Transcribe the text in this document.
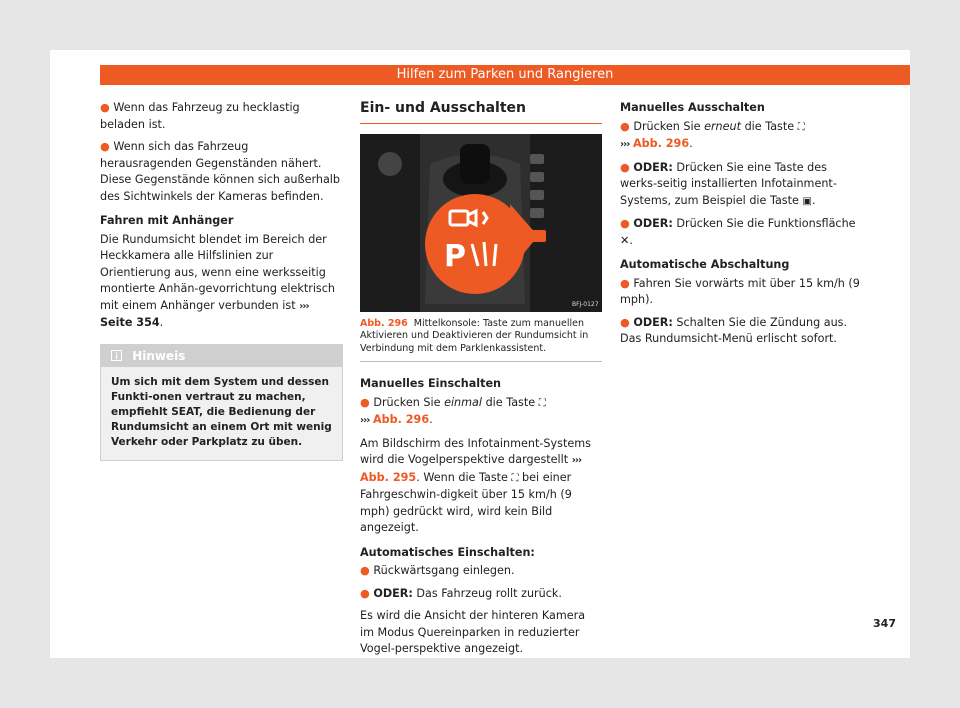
Hilfen zum Parken und Rangieren

● Wenn das Fahrzeug zu hecklastig beladen ist.

● Wenn sich das Fahrzeug herausragenden Gegenständen nähert. Diese Gegenstände können sich außerhalb des Sichtwinkels der Kameras befinden.

Fahren mit Anhänger

Die Rundumsicht blendet im Bereich der Heckkamera alle Hilfslinien zur Orientierung aus, wenn eine werksseitig montierte Anhän-gevorrichtung elektrisch mit einem Anhänger verbunden ist ››› Seite 354.

Hinweis
Um sich mit dem System und dessen Funkti-onen vertraut zu machen, empfiehlt SEAT, die Bedienung der Rundumsicht an einem Ort mit wenig Verkehr oder Parkplatz zu üben.
Ein- und Ausschalten
P
BFJ-0127
Abb. 296 Mittelkonsole: Taste zum manuellen Aktivieren und Deaktivieren der Rundumsicht in Verbindung mit dem Parklenkassistent.
Manuelles Einschalten

● Drücken Sie einmal die Taste ⛶
››› Abb. 296.

Am Bildschirm des Infotainment-Systems wird die Vogelperspektive dargestellt ››› Abb. 295. Wenn die Taste ⛶ bei einer Fahrgeschwin-digkeit über 15 km/h (9 mph) gedrückt wird, wird kein Bild angezeigt.

Automatisches Einschalten:

● Rückwärtsgang einlegen.

● ODER: Das Fahrzeug rollt zurück.

Es wird die Ansicht der hinteren Kamera im Modus Quereinparken in reduzierter Vogel-perspektive angezeigt.

Manuelles Ausschalten

● Drücken Sie erneut die Taste ⛶
››› Abb. 296.

● ODER: Drücken Sie eine Taste des werks-seitig installierten Infotainment-Systems, zum Beispiel die Taste ▣.

● ODER: Drücken Sie die Funktionsfläche ✕.

Automatische Abschaltung

● Fahren Sie vorwärts mit über 15 km/h (9 mph).

● ODER: Schalten Sie die Zündung aus. Das Rundumsicht-Menü erlischt sofort.

347
